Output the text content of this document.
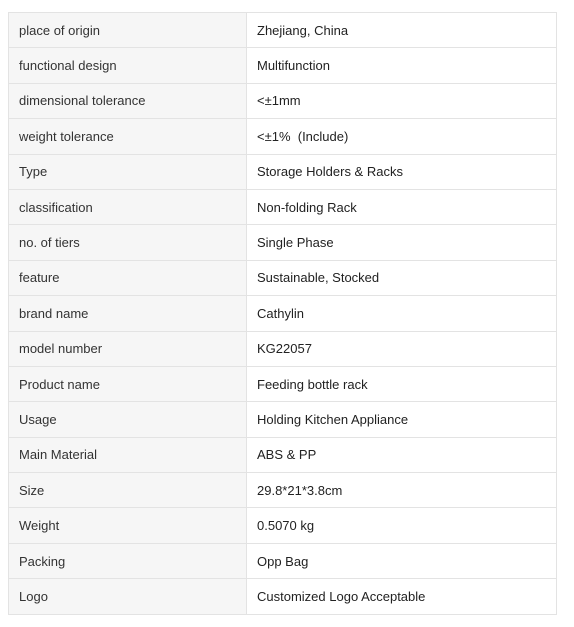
place of origin	Zhejiang, China
functional design	Multifunction
dimensional tolerance	<±1mm
weight tolerance	<±1%  (Include)
Type	Storage Holders & Racks
classification	Non-folding Rack
no. of tiers	Single Phase
feature	Sustainable, Stocked
brand name	Cathylin
model number	KG22057
Product name	Feeding bottle rack
Usage	Holding Kitchen Appliance
Main Material	ABS & PP
Size	29.8*21*3.8cm
Weight	0.5070 kg
Packing	Opp Bag
Logo	Customized Logo Acceptable
